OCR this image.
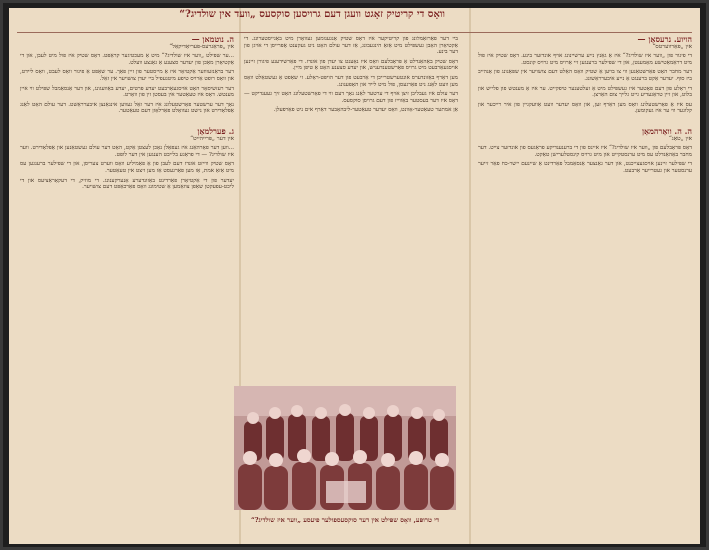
וואָס די קריטיק זאָגט וועגן דעם גרויסען סוקסעס „וועד אין שולדיג?“
הויוע. נרעסאַן —
אין „פּאָרווערטס“

די פיגור פון „ווער איז שולדיג?“ איז אַ גאַנץ נייע ערשיינונג אויף אונדזער בינע. דאָס שטיק איז פול מיט דראַמאַטישע מאָמענטן, און די שפּילער ברענגען זיי אַרויס מיט גרויס קונסט.

דער מחבר האָט פאַרשטאַנען ווי צו בויען אַ שטיק וואָס האַלט דעם צושויער אין שפּאַנונג פון אָנהייב ביז סוף. יעדער אַקט ברענגט אַ נייע איבערראַשונג.

די ראָלע פון דעם פאָטער איז געשפּילט מיט אַ זעלטענער טיפקייט. ער איז אַ מענטש פון פלייש און בלוט, און זיין טראַגעדיע גייט גלייך צום האַרצן.

עס איז אַ פאָרשטעלונג וואָס מען דאַרף זען, און וואָס יעדער וועט אַוועקגיין פון איר רייכער און קלוגער ווי ער איז געקומען.

ה. ה. וואַרהמאַן
אין „טאָג“

דאָס פּראָבלעם פון „ווער איז שולדיג?“ איז איינס פון די ברענענדיקע פראַגעס פון אונדזער צייט. דער מחבר באַהאַנדלט עס מיט ערנסטקייט און מיט גרויס קינסטלערישן טאַקט.

די שפּילער זיינען אויסגעצייכנט, און דער גאַנצער אַנסאַמבל פאַרדינט אַ שיינעם יישר-כח פאַר זייער ערנסטער און געטרייער אַרבעט.

ביי דער פאַרזאַמלונג פון קריטיקער איז דאָס שטיק אָנגענומען געוואָרן מיט באַגייסטערונג. די אַקטיאָרן האָבן געשפּילט מיט אַזאַ הינגעבונג, אַז דער עולם האָט ניט געקענט אָפּרייסן די אויגן פון דער בינע.

דאָס שטיק באַהאַנדלט אַ פּראָבלעם וואָס איז נאָענט צו יעדן פון אונדז. די פאַרשידענע פיגורן זיינען אויסגעאַרבעט מיט גרויס פאַרשטענדעניש, און יעדע סצענע האָט אַ טיפן מיין.

מען דאַרף באַזונדערס אונטערשטרייכן די אַרבעט פון דער הויפּט-ראָלע. זי שאַפט אַ געשטאַלט וואָס מען וועט לאַנג ניט פאַרגעסן, פול מיט לייד און האָפענונג.

דער עולם איז געבליבן זיצן אויף די ערטער לאַנג נאָך דעם ווי די פאָרשטעלונג האָט זיך געענדיקט — דאָס איז דער בעסטער באַווייז פון דעם גרויסן סוקסעס.

אַן אמתער טעאַטער-אָוונט, וואָס יעדער טעאַטער-ליבהאָבער דאַרף אים ניט פאַרפעלן.

ה. נוטמאן —
אין „פּראָגרעס-פעריאָדיקאַל“

...ער שפּילט „ווער איז שולדיג?“ מיט אַ מעכטיגער קראַפט. דאָס שטיק איז פול מיט לעבן, און די אַקטיאָרן מאַכן פון יעדער סצענע אַ גאַנצע וועלט.

דער בראַנזעווזער אַקטיאָר איז אַ מייסטער פון זיין פאַך. ער שאַפט אַ פיגור וואָס לעבט, וואָס ליידט, און וואָס רופט אַרויס טיפע מיטגעפיל ביי יעדן צושויער אין זאַל.

דער רעזשיסאָר האָט אויסגעאַרבעט יעדע פּרטים, יעדע באַוועגונג, און דער אַנסאַמבל שפּילט ווי איין מענטש. דאָס איז טעאַטער אין בעסטן זין פון וואָרט.

נאָך דער ערשטער פאָרשטעלונג איז דער זאַל געווען אינגאַנצן איבערראַשט. דער עולם האָט לאַנג אַפּלאָדירט און נישט געוואָלט פאַרלאָזן דעם טעאַטער.

ג. פערלמאַן
אין דער „פּרייהייט“

...ווען דער פאָרהאַנג איז געפאַלן נאָכן לעצטן אַקט, האָט דער עולם געשטאַנען און אַפּלאָדירט. ווער איז שולדיג? — די פראַגע בלייבט הענגען אין דער לופט.

דאָס שטיק ווייזט אונדז דעם לעבן פון אַ פאַמיליע וואָס ווערט צעריסן, און די שפּילער ברענגען עס מיט אַזאַ אמת, אַז מען פאַרגעסט אַז מען זיצט אין טעאַטער.

יעדער פון די אַקטיאָרן פאַרדינט באַזונדערע אָנערקענונג. די מוזיק, די דעקאָראַציעס און די ליכט-עפעקטן שאַפן צוזאַמען אַ שטימונג וואָס פאַרכאַפּט דעם צושויער.

די טרופּע, וואָס שפּילט אין דער סוקסעספולער פיעסע „ווער איז שולדיג?“
